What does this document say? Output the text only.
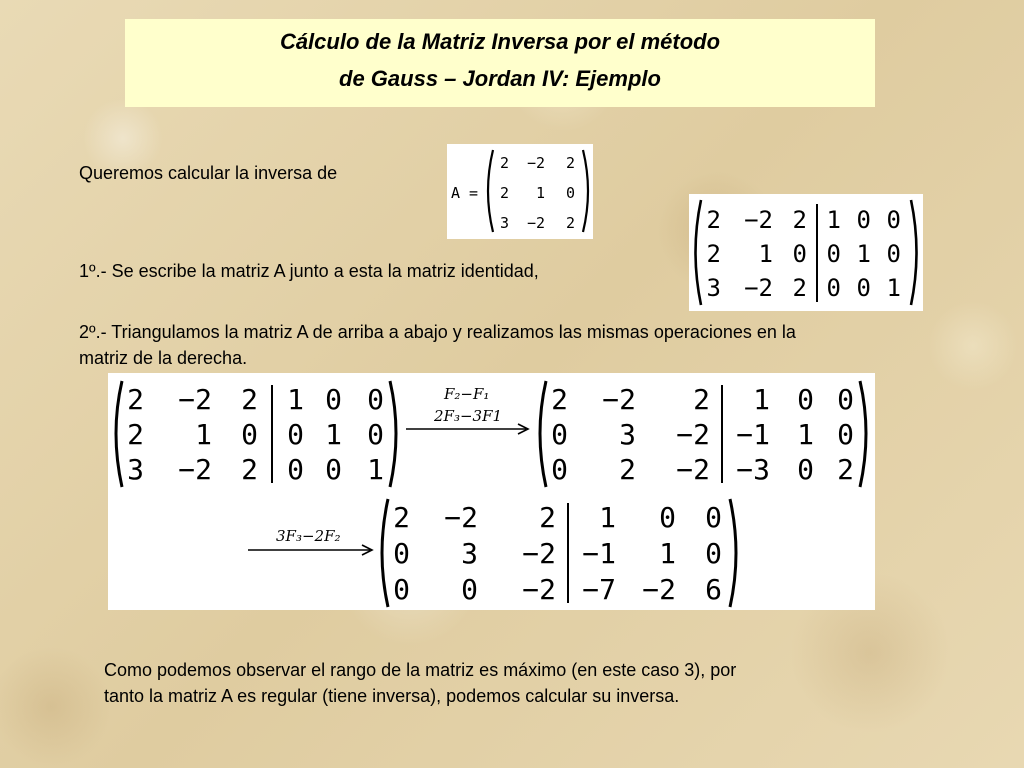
Cálculo de la Matriz Inversa por el método
de Gauss – Jordan IV: Ejemplo
Queremos calcular la inversa de
A =
2 −2 2
2 1 0
3 −2 2	2 −2 2
2 1 0
3 −2 2
1 0 0
0 1 0
0 0 1
1º.- Se escribe la matriz A junto a esta la matriz identidad,
2º.- Triangulamos la matriz A de arriba a abajo y realizamos las mismas operaciones en la
matriz de la derecha.
2 −2 2
2 1 0
3 −2 2
1 0 0
0 1 0
0 0 1
F₂−F₁
2F₃−3F1 2 −2 2
0 3 −2
0 2 −2
1 0 0
−1 1 0
−3 0 2
3F₃−2F₂
2 −2 2
0 3 −2
0 0 −2
1 0 0
−1 1 0
−7 −2 6
Como podemos observar el rango de la matriz es máximo (en este caso 3), por
tanto la matriz A es regular (tiene inversa), podemos calcular su inversa.
